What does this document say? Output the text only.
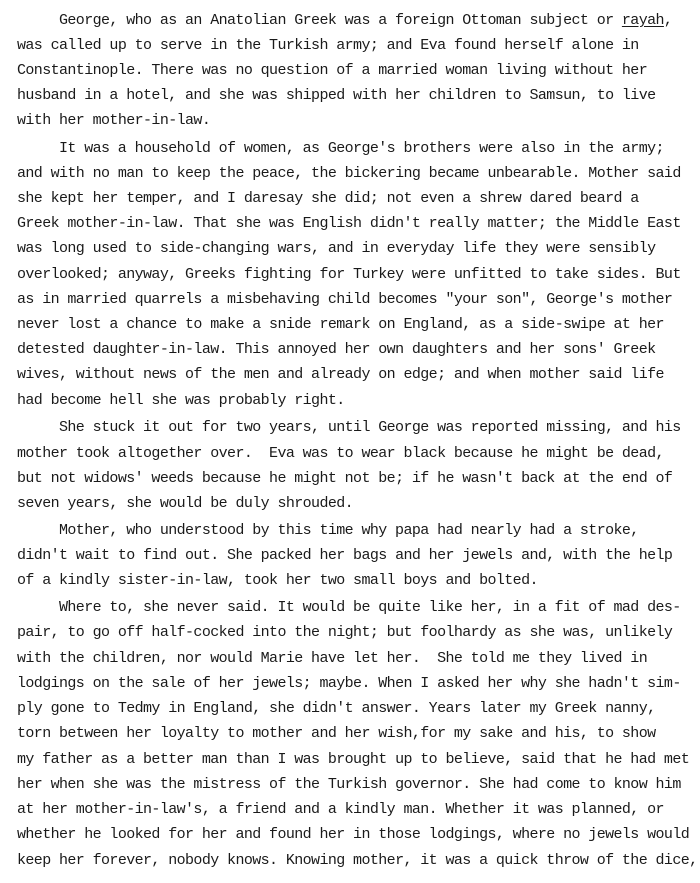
George, who as an Anatolian Greek was a foreign Ottoman subject or rayah,
was called up to serve in the Turkish army; and Eva found herself alone in
Constantinople. There was no question of a married woman living without her
husband in a hotel, and she was shipped with her children to Samsun, to live
with her mother-in-law.
It was a household of women, as George's brothers were also in the army;
and with no man to keep the peace, the bickering became unbearable. Mother said
she kept her temper, and I daresay she did; not even a shrew dared beard a
Greek mother-in-law. That she was English didn't really matter; the Middle East
was long used to side-changing wars, and in everyday life they were sensibly
overlooked; anyway, Greeks fighting for Turkey were unfitted to take sides. But
as in married quarrels a misbehaving child becomes "your son", George's mother
never lost a chance to make a snide remark on England, as a side-swipe at her
detested daughter-in-law. This annoyed her own daughters and her sons' Greek
wives, without news of the men and already on edge; and when mother said life
had become hell she was probably right.
She stuck it out for two years, until George was reported missing, and his
mother took altogether over.  Eva was to wear black because he might be dead,
but not widows' weeds because he might not be; if he wasn't back at the end of
seven years, she would be duly shrouded.
Mother, who understood by this time why papa had nearly had a stroke,
didn't wait to find out. She packed her bags and her jewels and, with the help
of a kindly sister-in-law, took her two small boys and bolted.
Where to, she never said. It would be quite like her, in a fit of mad des-
pair, to go off half-cocked into the night; but foolhardy as she was, unlikely
with the children, nor would Marie have let her.  She told me they lived in
lodgings on the sale of her jewels; maybe. When I asked her why she hadn't sim-
ply gone to Tedmy in England, she didn't answer. Years later my Greek nanny,
torn between her loyalty to mother and her wish,for my sake and his, to show
my father as a better man than I was brought up to believe, said that he had met
her when she was the mistress of the Turkish governor. She had come to know him
at her mother-in-law's, a friend and a kindly man. Whether it was planned, or
whether he looked for her and found her in those lodgings, where no jewels would
keep her forever, nobody knows. Knowing mother, it was a quick throw of the dice,
